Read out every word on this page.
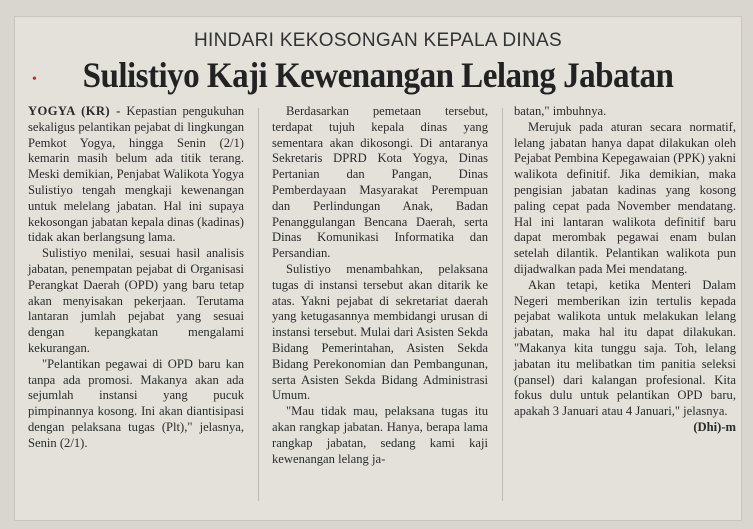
HINDARI KEKOSONGAN KEPALA DINAS
•	Sulistiyo Kaji Kewenangan Lelang Jabatan

YOGYA (KR) - Kepastian pengukuhan sekaligus pelantikan pejabat di lingkungan Pemkot Yogya, hingga Senin (2/1) kemarin masih belum ada titik terang. Meski demikian, Penjabat Walikota Yogya Sulistiyo tengah mengkaji kewenangan untuk melelang jabatan. Hal ini supaya kekosongan jabatan kepala dinas (kadinas) tidak akan berlangsung lama.

Sulistiyo menilai, sesuai hasil analisis jabatan, penempatan pejabat di Organisasi Perangkat Daerah (OPD) yang baru tetap akan menyisakan pekerjaan. Terutama lantaran jumlah pejabat yang sesuai dengan kepangkatan mengalami kekurangan.

"Pelantikan pegawai di OPD baru kan tanpa ada promosi. Makanya akan ada sejumlah instansi yang pucuk pimpinannya kosong. Ini akan diantisipasi dengan pelaksana tugas (Plt)," jelasnya, Senin (2/1).

Berdasarkan pemetaan tersebut, terdapat tujuh kepala dinas yang sementara akan dikosongi. Di antaranya Sekretaris DPRD Kota Yogya, Dinas Pertanian dan Pangan, Dinas Pemberdayaan Masyarakat Perempuan dan Perlindungan Anak, Badan Penanggulangan Bencana Daerah, serta Dinas Komunikasi Informatika dan Persandian.

Sulistiyo menambahkan, pelaksana tugas di instansi tersebut akan ditarik ke atas. Yakni pejabat di sekretariat daerah yang ketugasannya membidangi urusan di instansi tersebut. Mulai dari Asisten Sekda Bidang Pemerintahan, Asisten Sekda Bidang Perekonomian dan Pembangunan, serta Asisten Sekda Bidang Administrasi Umum.

"Mau tidak mau, pelaksana tugas itu akan rangkap jabatan. Hanya, berapa lama rangkap jabatan, sedang kami kaji kewenangan lelang ja-

batan," imbuhnya.

Merujuk pada aturan secara normatif, lelang jabatan hanya dapat dilakukan oleh Pejabat Pembina Kepegawaian (PPK) yakni walikota definitif. Jika demikian, maka pengisian jabatan kadinas yang kosong paling cepat pada November mendatang. Hal ini lantaran walikota definitif baru dapat merombak pegawai enam bulan setelah dilantik. Pelantikan walikota pun dijadwalkan pada Mei mendatang.

Akan tetapi, ketika Menteri Dalam Negeri memberikan izin tertulis kepada pejabat walikota untuk melakukan lelang jabatan, maka hal itu dapat dilakukan. "Makanya kita tunggu saja. Toh, lelang jabatan itu melibatkan tim panitia seleksi (pansel) dari kalangan profesional. Kita fokus dulu untuk pelantikan OPD baru, apakah 3 Januari atau 4 Januari," jelasnya.
(Dhi)-m
